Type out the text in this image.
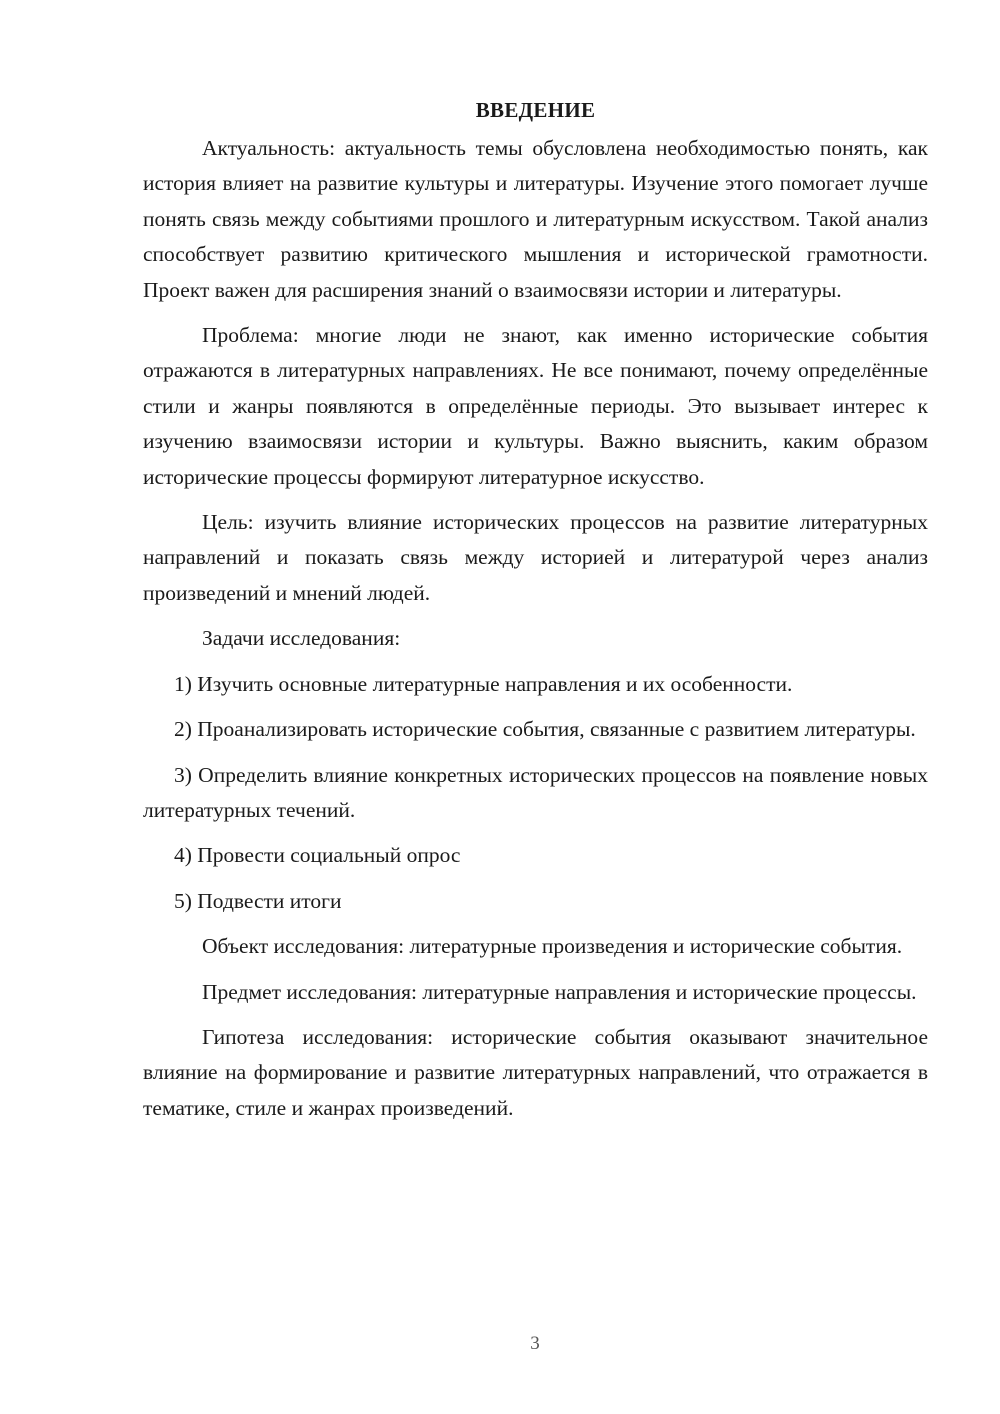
ВВЕДЕНИЕ

Актуальность: актуальность темы обусловлена необходимостью понять, как история влияет на развитие культуры и литературы. Изучение этого помогает лучше понять связь между событиями прошлого и литературным искусством. Такой анализ способствует развитию критического мышления и исторической грамотности. Проект важен для расширения знаний о взаимосвязи истории и литературы.

Проблема: многие люди не знают, как именно исторические события отражаются в литературных направлениях. Не все понимают, почему определённые стили и жанры появляются в определённые периоды. Это вызывает интерес к изучению взаимосвязи истории и культуры. Важно выяснить, каким образом исторические процессы формируют литературное искусство.

Цель: изучить влияние исторических процессов на развитие литературных направлений и показать связь между историей и литературой через анализ произведений и мнений людей.

Задачи исследования:

1) Изучить основные литературные направления и их особенности.

2) Проанализировать исторические события, связанные с развитием литературы.

3) Определить влияние конкретных исторических процессов на появление новых литературных течений.

4) Провести социальный опрос

5) Подвести итоги

Объект исследования: литературные произведения и исторические события.

Предмет исследования: литературные направления и исторические процессы.

Гипотеза исследования: исторические события оказывают значительное влияние на формирование и развитие литературных направлений, что отражается в тематике, стиле и жанрах произведений.

3
